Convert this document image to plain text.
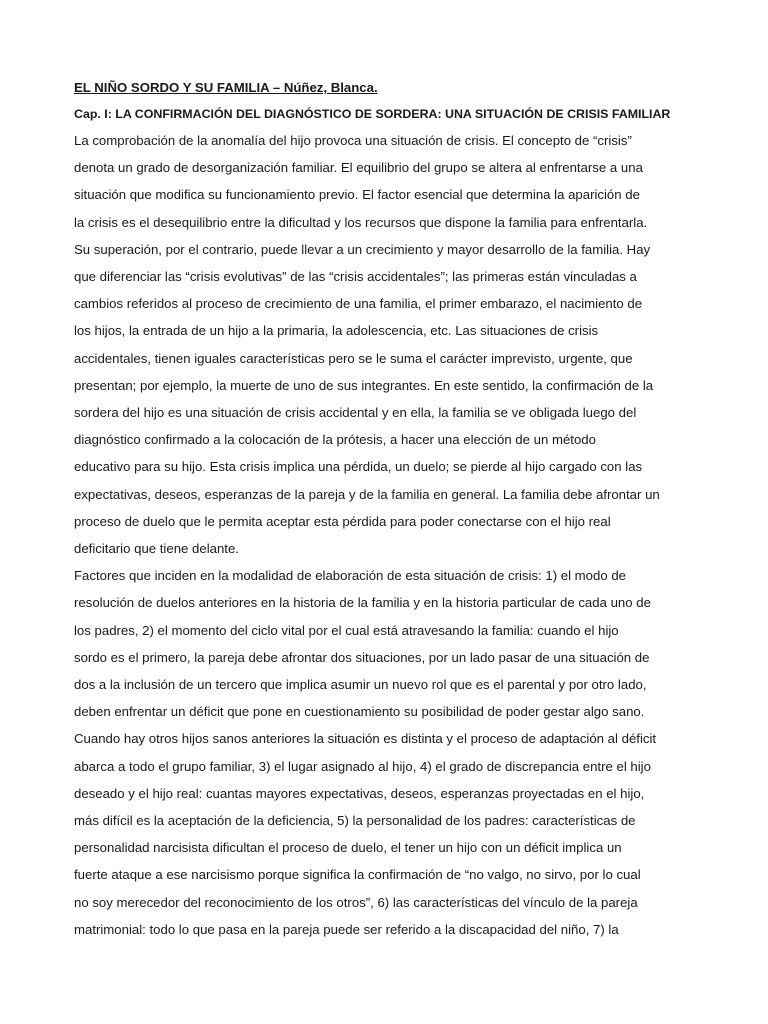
EL NIÑO SORDO Y SU FAMILIA – Núñez, Blanca.
Cap. I: LA CONFIRMACIÓN DEL DIAGNÓSTICO DE SORDERA: UNA SITUACIÓN DE CRISIS FAMILIAR

La comprobación de la anomalía del hijo provoca una situación de crisis. El concepto de “crisis”
denota un grado de desorganización familiar. El equilibrio del grupo se altera al enfrentarse a una
situación que modifica su funcionamiento previo. El factor esencial que determina la aparición de
la crisis es el desequilibrio entre la dificultad y los recursos que dispone la familia para enfrentarla.
Su superación, por el contrario, puede llevar a un crecimiento y mayor desarrollo de la familia. Hay
que diferenciar las “crisis evolutivas” de las “crisis accidentales”; las primeras están vinculadas a
cambios referidos al proceso de crecimiento de una familia, el primer embarazo, el nacimiento de
los hijos, la entrada de un hijo a la primaria, la adolescencia, etc. Las situaciones de crisis
accidentales, tienen iguales características pero se le suma el carácter imprevisto, urgente, que
presentan; por ejemplo, la muerte de uno de sus integrantes. En este sentido, la confirmación de la
sordera del hijo es una situación de crisis accidental y en ella, la familia se ve obligada luego del
diagnóstico confirmado a la colocación de la prótesis, a hacer una elección de un método
educativo para su hijo. Esta crisis implica una pérdida, un duelo; se pierde al hijo cargado con las
expectativas, deseos, esperanzas de la pareja y de la familia en general. La familia debe afrontar un
proceso de duelo que le permita aceptar esta pérdida para poder conectarse con el hijo real
deficitario que tiene delante.

Factores que inciden en la modalidad de elaboración de esta situación de crisis: 1) el modo de
resolución de duelos anteriores en la historia de la familia y en la historia particular de cada uno de
los padres, 2) el momento del ciclo vital por el cual está atravesando la familia: cuando el hijo
sordo es el primero, la pareja debe afrontar dos situaciones, por un lado pasar de una situación de
dos a la inclusión de un tercero que implica asumir un nuevo rol que es el parental y por otro lado,
deben enfrentar un déficit que pone en cuestionamiento su posibilidad de poder gestar algo sano.
Cuando hay otros hijos sanos anteriores la situación es distinta y el proceso de adaptación al déficit
abarca a todo el grupo familiar, 3) el lugar asignado al hijo, 4) el grado de discrepancia entre el hijo
deseado y el hijo real: cuantas mayores expectativas, deseos, esperanzas proyectadas en el hijo,
más difícil es la aceptación de la deficiencia, 5) la personalidad de los padres: características de
personalidad narcisista dificultan el proceso de duelo, el tener un hijo con un déficit implica un
fuerte ataque a ese narcisismo porque significa la confirmación de “no valgo, no sirvo, por lo cual
no soy merecedor del reconocimiento de los otros”, 6) las características del vínculo de la pareja
matrimonial: todo lo que pasa en la pareja puede ser referido a la discapacidad del niño, 7) la
